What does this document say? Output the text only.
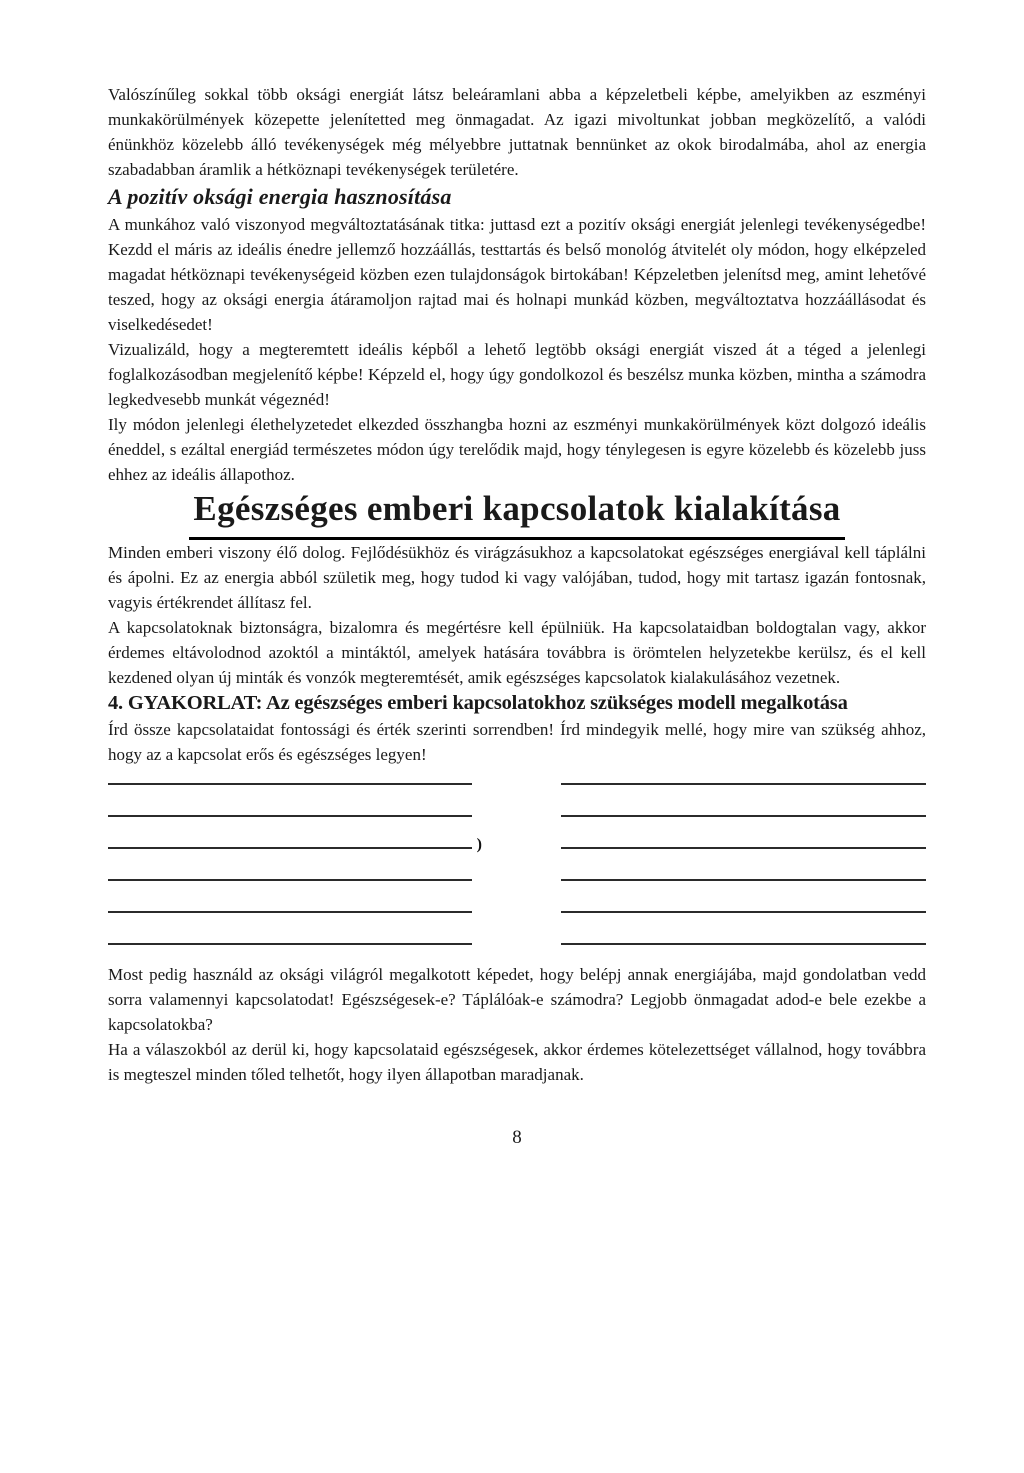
Valószínűleg sokkal több oksági energiát látsz beleáramlani abba a képzeletbeli képbe, amelyikben az eszményi munkakörülmények közepette jelenítetted meg önmagadat. Az igazi mivoltunkat jobban megközelítő, a valódi énünkhöz közelebb álló tevékenységek még mélyebbre juttatnak bennünket az okok birodalmába, ahol az energia szabadabban áramlik a hétköznapi tevékenységek területére.

A pozitív oksági energia hasznosítása

A munkához való viszonyod megváltoztatásának titka: juttasd ezt a pozitív oksági energiát jelenlegi tevékenységedbe! Kezdd el máris az ideális énedre jellemző hozzáállás, testtartás és belső monológ átvitelét oly módon, hogy elképzeled magadat hétköznapi tevékenységeid közben ezen tulajdonságok birtokában! Képzeletben jelenítsd meg, amint lehetővé teszed, hogy az oksági energia átáramoljon rajtad mai és holnapi munkád közben, megváltoztatva hozzáállásodat és viselkedésedet!

Vizualizáld, hogy a megteremtett ideális képből a lehető legtöbb oksági energiát viszed át a téged a jelenlegi foglalkozásodban megjelenítő képbe! Képzeld el, hogy úgy gondolkozol és beszélsz munka közben, mintha a számodra legkedvesebb munkát végeznéd!

Ily módon jelenlegi élethelyzetedet elkezded összhangba hozni az eszményi munkakörülmények közt dolgozó ideális éneddel, s ezáltal energiád természetes módon úgy terelődik majd, hogy ténylegesen is egyre közelebb és közelebb juss ehhez az ideális állapothoz.

Egészséges emberi kapcsolatok kialakítása

Minden emberi viszony élő dolog. Fejlődésükhöz és virágzásukhoz a kapcsolatokat egészséges energiával kell táplálni és ápolni. Ez az energia abból születik meg, hogy tudod ki vagy valójában, tudod, hogy mit tartasz igazán fontosnak, vagyis értékrendet állítasz fel.

A kapcsolatoknak biztonságra, bizalomra és megértésre kell épülniük. Ha kapcsolataidban boldogtalan vagy, akkor érdemes eltávolodnod azoktól a mintáktól, amelyek hatására továbbra is örömtelen helyzetekbe kerülsz, és el kell kezdened olyan új minták és vonzók megteremtését, amik egészséges kapcsolatok kialakulásához vezetnek.

4. GYAKORLAT: Az egészséges emberi kapcsolatokhoz szükséges modell megalkotása

Írd össze kapcsolataidat fontossági és érték szerinti sorrendben! Írd mindegyik mellé, hogy mire van szükség ahhoz, hogy az a kapcsolat erős és egészséges legyen!

)

Most pedig használd az oksági világról megalkotott képedet, hogy belépj annak energiájába, majd gondolatban vedd sorra valamennyi kapcsolatodat! Egészségesek-e? Táplálóak-e számodra? Legjobb önmagadat adod-e bele ezekbe a kapcsolatokba?

Ha a válaszokból az derül ki, hogy kapcsolataid egészségesek, akkor érdemes kötelezettséget vállalnod, hogy továbbra is megteszel minden tőled telhetőt, hogy ilyen állapotban maradjanak.

8
